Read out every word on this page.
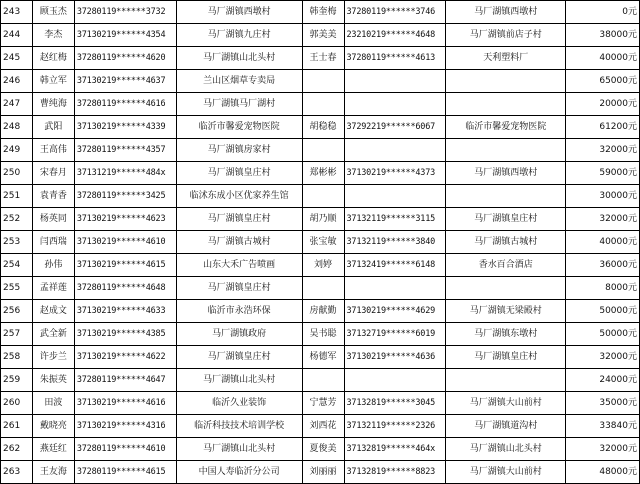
243	顾玉杰	37280119******3732	马厂湖镇西墩村	韩奎梅	37280119******3746	马厂湖镇西墩村	0元
244	李杰	37130219******4354	马厂湖镇九庄村	郭美美	23210219******4648	马厂湖镇前店子村	38000元
245	赵红梅	37280119******4620	马厂湖镇山北头村	王士春	37280119******4613	天利塑料厂	40000元
246	韩立军	37130219******4637	兰山区烟草专卖局				65000元
247	曹纯海	37280119******4616	马厂湖镇马厂湖村				20000元
248	武阳	37130219******4339	临沂市馨爱宠物医院	胡稳稳	37292219******6067	临沂市馨爱宠物医院	61200元
249	王高伟	37280119******4357	马厂湖镇房家村				32000元
250	宋春月	37131219******484x	马厂湖镇皇庄村	郑彬彬	37130219******4373	马厂湖镇西墩村	59000元
251	袁青香	37280119******3425	临沭东成小区优家养生馆				30000元
252	杨英同	37130219******4623	马厂湖镇皇庄村	胡乃顺	37132119******3115	马厂湖镇皇庄村	32000元
253	闫西瑞	37130219******4610	马厂湖镇古城村	张宝敏	37132119******3840	马厂湖镇古城村	40000元
254	孙伟	37130219******4615	山东大禾广告喷画	刘婷	37132419******6148	香水百合酒店	36000元
255	孟祥莲	37280119******4648	马厂湖镇皇庄村				8000元
256	赵成文	37130219******4633	临沂市永浩环保	房献勤	37130219******4629	马厂湖镇无梁殿村	50000元
257	武全新	37130219******4385	马厂湖镇政府	吴书聪	37132719******6019	马厂湖镇东墩村	50000元
258	许步兰	37130219******4622	马厂湖镇皇庄村	杨德军	37130219******4636	马厂湖镇皇庄村	32000元
259	朱振英	37280119******4647	马厂湖镇山北头村				24000元
260	田波	37130219******4616	临沂久业装饰	宁慧芳	37132819******3045	马厂湖镇大山前村	35000元
261	戴晓亮	37130219******4316	临沂科技技术培训学校	刘西花	37132119******2326	马厂湖镇道沟村	33840元
262	燕廷红	37280119******4610	马厂湖镇山北头村	夏俊美	37132819******464x	马厂湖镇山北头村	32000元
263	王友海	37280119******4615	中国人寿临沂分公司	刘丽丽	37132819******8823	马厂湖镇大山前村	48000元
